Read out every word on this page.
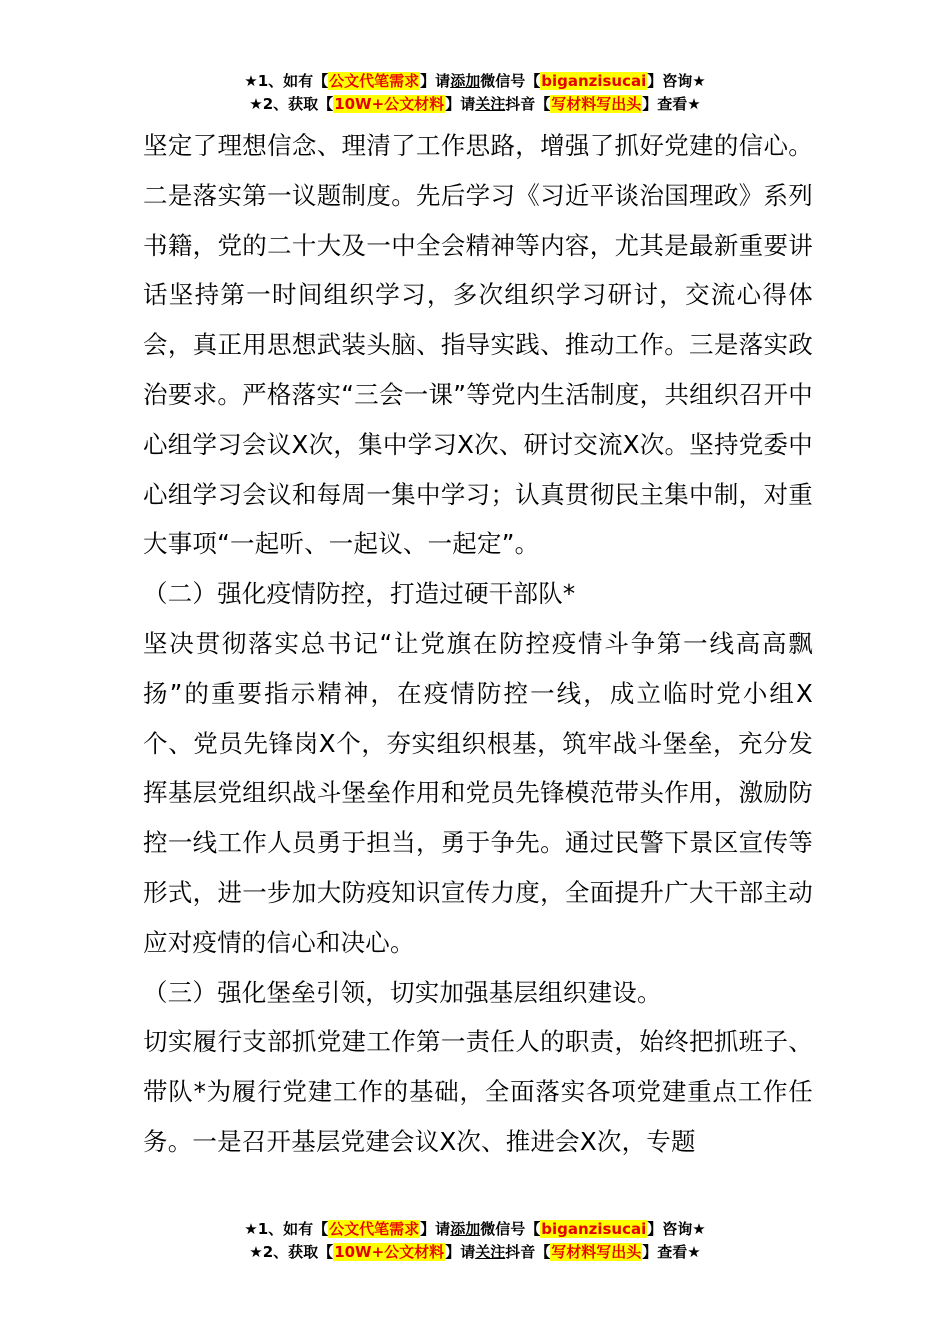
★1、如有【公文代笔需求】请添加微信号【biganzisucai】咨询★
★2、获取【10W+公文材料】请关注抖音【写材料写出头】查看★

坚定了理想信念、理清了工作思路，增强了抓好党建的信心。二是落实第一议题制度。先后学习《习近平谈治国理政》系列书籍，党的二十大及一中全会精神等内容，尤其是最新重要讲话坚持第一时间组织学习，多次组织学习研讨，交流心得体会，真正用思想武装头脑、指导实践、推动工作。三是落实政治要求。严格落实“三会一课”等党内生活制度，共组织召开中心组学习会议X次，集中学习X次、研讨交流X次。坚持党委中心组学习会议和每周一集中学习；认真贯彻民主集中制，对重大事项“一起听、一起议、一起定”。

（二）强化疫情防控，打造过硬干部队*

坚决贯彻落实总书记“让党旗在防控疫情斗争第一线高高飘扬”的重要指示精神，在疫情防控一线，成立临时党小组X个、党员先锋岗X个，夯实组织根基，筑牢战斗堡垒，充分发挥基层党组织战斗堡垒作用和党员先锋模范带头作用，激励防控一线工作人员勇于担当，勇于争先。通过民警下景区宣传等形式，进一步加大防疫知识宣传力度，全面提升广大干部主动应对疫情的信心和决心。

（三）强化堡垒引领，切实加强基层组织建设。

切实履行支部抓党建工作第一责任人的职责，始终把抓班子、带队*为履行党建工作的基础，全面落实各项党建重点工作任务。一是召开基层党建会议X次、推进会X次，专题

★1、如有【公文代笔需求】请添加微信号【biganzisucai】咨询★
★2、获取【10W+公文材料】请关注抖音【写材料写出头】查看★
